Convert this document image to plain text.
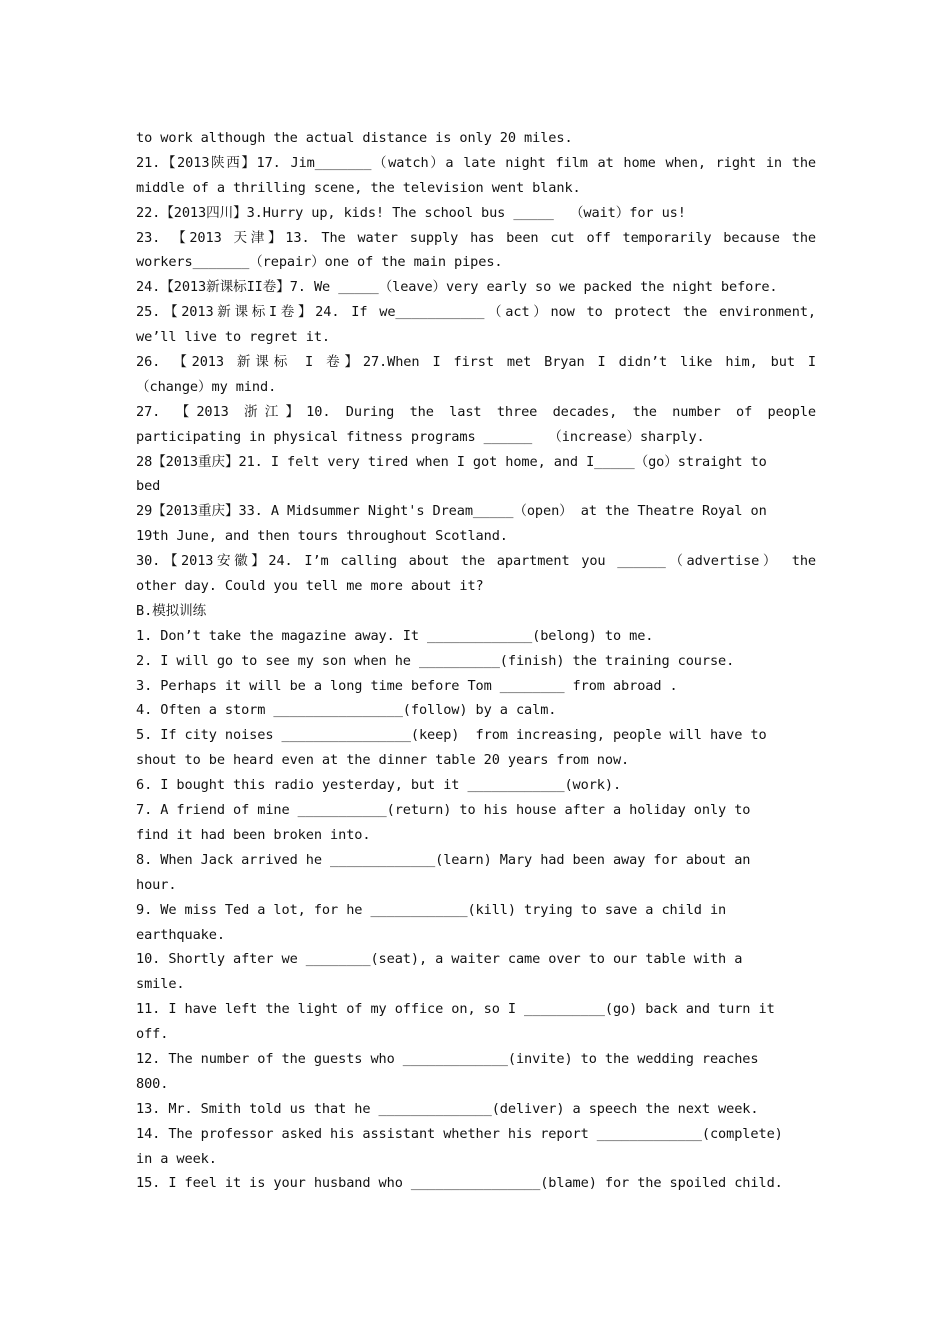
to work although the actual distance is only 20 miles.
21.【2013陕西】17. Jim_______（watch）a late night film at home when, right in the
middle of a thrilling scene, the television went blank.
22.【2013四川】3.Hurry up, kids! The school bus _____  （wait）for us!
23. 【2013 天津】13. The water supply has been cut off temporarily because the
workers_______（repair）one of the main pipes.
24.【2013新课标II卷】7. We _____（leave）very early so we packed the night before.
25.【2013新课标I卷】24. If we___________（act）now to protect the environment,
we’ll live to regret it.
26. 【2013 新课标 I 卷】27.When I first met Bryan I didn’t like him, but I
（change）my mind.
27. 【2013 浙江】10. During the last three decades, the number of people
participating in physical fitness programs ______  （increase）sharply.
28【2013重庆】21. I felt very tired when I got home, and I_____（go）straight to
bed
29【2013重庆】33. A Midsummer Night's Dream_____（open） at the Theatre Royal on
19th June, and then tours throughout Scotland.
30.【2013安徽】24. I’m calling about the apartment you ______（advertise） the
other day. Could you tell me more about it?
B.模拟训练
1. Don’t take the magazine away. It _____________(belong) to me.
2. I will go to see my son when he __________(finish) the training course.
3. Perhaps it will be a long time before Tom ________ from abroad .
4. Often a storm ________________(follow) by a calm.
5. If city noises ________________(keep)  from increasing, people will have to
shout to be heard even at the dinner table 20 years from now.
6. I bought this radio yesterday, but it ____________(work).
7. A friend of mine ___________(return) to his house after a holiday only to
find it had been broken into.
8. When Jack arrived he _____________(learn) Mary had been away for about an
hour.
9. We miss Ted a lot, for he ____________(kill) trying to save a child in
earthquake.
10. Shortly after we ________(seat), a waiter came over to our table with a
smile.
11. I have left the light of my office on, so I __________(go) back and turn it
off.
12. The number of the guests who _____________(invite) to the wedding reaches
800.
13. Mr. Smith told us that he ______________(deliver) a speech the next week.
14. The professor asked his assistant whether his report _____________(complete)
in a week.
15. I feel it is your husband who ________________(blame) for the spoiled child.
